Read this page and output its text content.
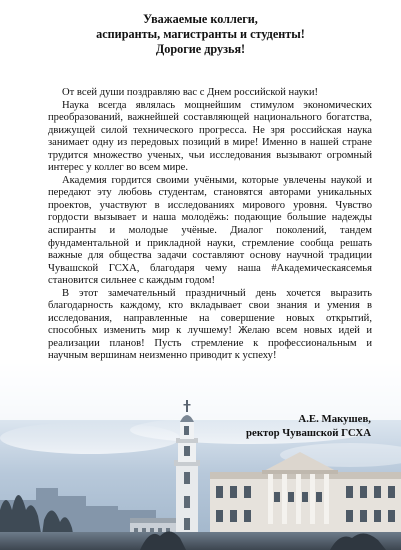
Уважаемые коллеги,
аспиранты, магистранты и студенты!
Дорогие друзья!

От всей души поздравляю вас с Днем российской науки!

Наука всегда являлась мощнейшим стимулом экономических преобразований, важнейшей составляющей национального богатства, движущей силой технического прогресса. Не зря российская наука занимает одну из передовых позиций в мире! Именно в нашей стране трудится множество ученых, чьи исследования вызывают огромный интерес у коллег во всем мире.

Академия гордится своими учёными, которые увлечены наукой и передают эту любовь студентам, становятся авторами уникальных проектов, участвуют в исследованиях мирового уровня. Чувство гордости вызывает и наша молодёжь: подающие большие надежды аспиранты и молодые учёные. Диалог поколений, тандем фундаментальной и прикладной науки, стремление сообща решать важные для общества задачи составляют основу научной традиции Чувашской ГСХА, благодаря чему наша #Академическаясемья становится сильнее с каждым годом!

В этот замечательный праздничный день хочется выразить благодарность каждому, кто вкладывает свои знания и умения в исследования, направленные на совершение новых открытий, способных изменить мир к лучшему! Желаю всем новых идей и реализации планов! Пусть стремление к профессиональным и научным вершинам неизменно приводит к успеху!

А.Е. Макушев,
ректор Чувашской ГСХА
